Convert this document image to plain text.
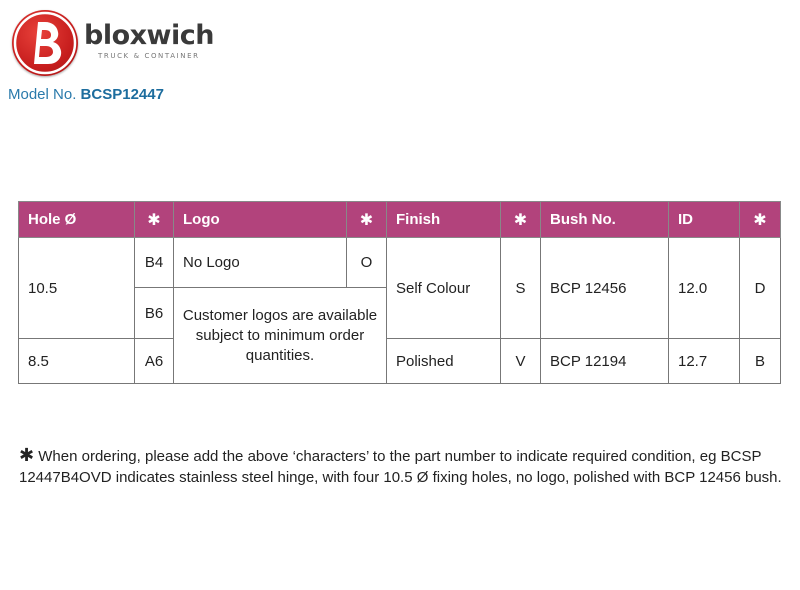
bloxwich
TRUCK & CONTAINER
Model No. BCSP12447
Hole Ø	✱	Logo	✱	Finish	✱	Bush No.	ID	✱
10.5	B4	No Logo	O	Self Colour	S	BCP 12456	12.0	D
	B6	Customer logos are available subject to minimum order quantities.						
8.5	A6			Polished	V	BCP 12194	12.7	B
✱ When ordering, please add the above ‘characters’ to the part number to indicate required condition, eg BCSP 12447B4OVD indicates stainless steel hinge, with four 10.5 Ø fixing holes, no logo, polished with BCP 12456 bush.
